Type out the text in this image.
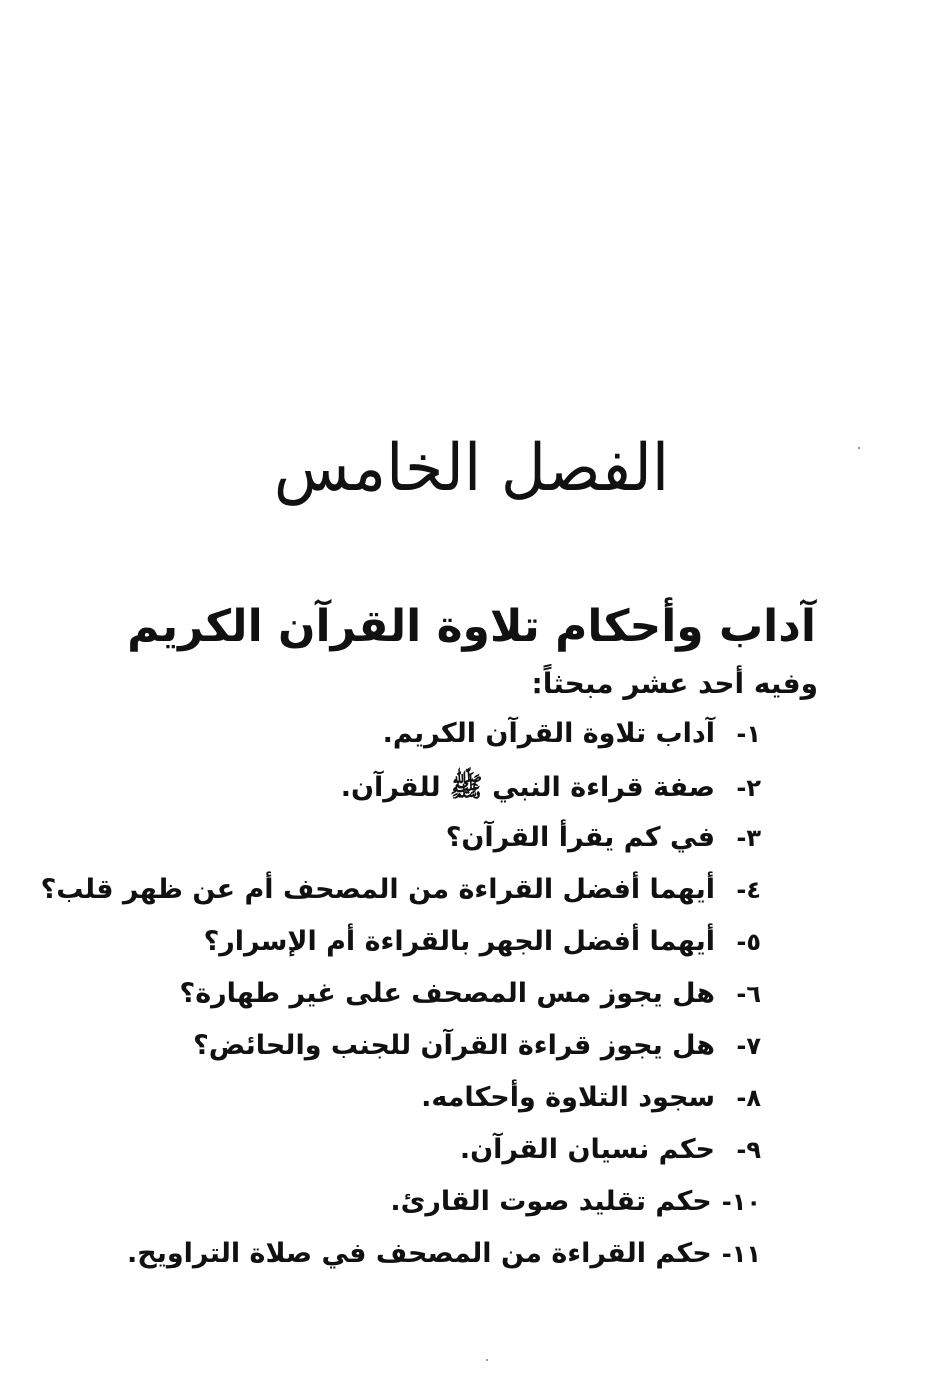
الفصل الخامس
آداب وأحكام تلاوة القرآن الكريم
وفيه أحد عشر مبحثاً:
١-
آداب تلاوة القرآن الكريم.
٢-
صفة قراءة النبي ﷺ للقرآن.
٣-
في كم يقرأ القرآن؟
٤-
أيهما أفضل القراءة من المصحف أم عن ظهر قلب؟
٥-
أيهما أفضل الجهر بالقراءة أم الإسرار؟
٦-
هل يجوز مس المصحف على غير طهارة؟
٧-
هل يجوز قراءة القرآن للجنب والحائض؟
٨-
سجود التلاوة وأحكامه.
٩-
حكم نسيان القرآن.
١٠-
حكم تقليد صوت القارئ.
١١-
حكم القراءة من المصحف في صلاة التراويح.
